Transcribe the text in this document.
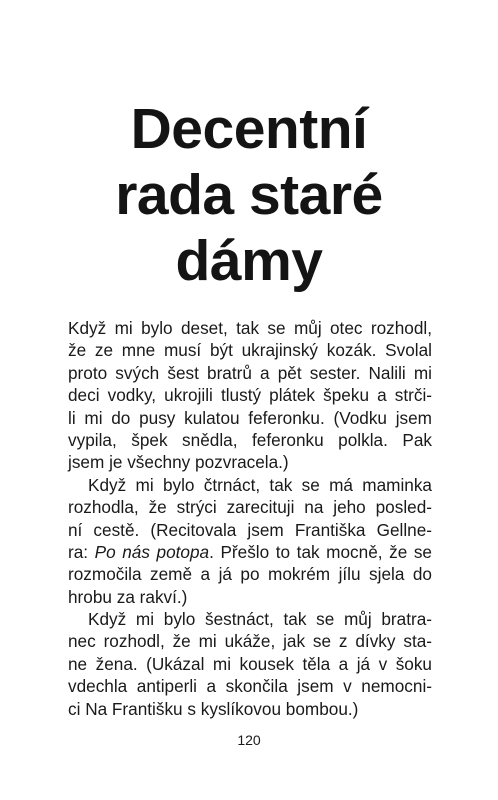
Decentní
rada staré
dámy
Když mi bylo deset, tak se můj otec rozhodl,
že ze mne musí být ukrajinský kozák. Svolal
proto svých šest bratrů a pět sester. Nalili mi
deci vodky, ukrojili tlustý plátek špeku a strči-
li mi do pusy kulatou feferonku. (Vodku jsem
vypila, špek snědla, feferonku polkla. Pak
jsem je všechny pozvracela.)
Když mi bylo čtrnáct, tak se má maminka
rozhodla, že strýci zarecituji na jeho posled-
ní cestě. (Recitovala jsem Františka Gellne-
ra: Po nás potopa. Přešlo to tak mocně, že se
rozmočila země a já po mokrém jílu sjela do
hrobu za rakví.)
Když mi bylo šestnáct, tak se můj bratra-
nec rozhodl, že mi ukáže, jak se z dívky sta-
ne žena. (Ukázal mi kousek těla a já v šoku
vdechla antiperli a skončila jsem v nemocni-
ci Na Františku s kyslíkovou bombou.)
120
